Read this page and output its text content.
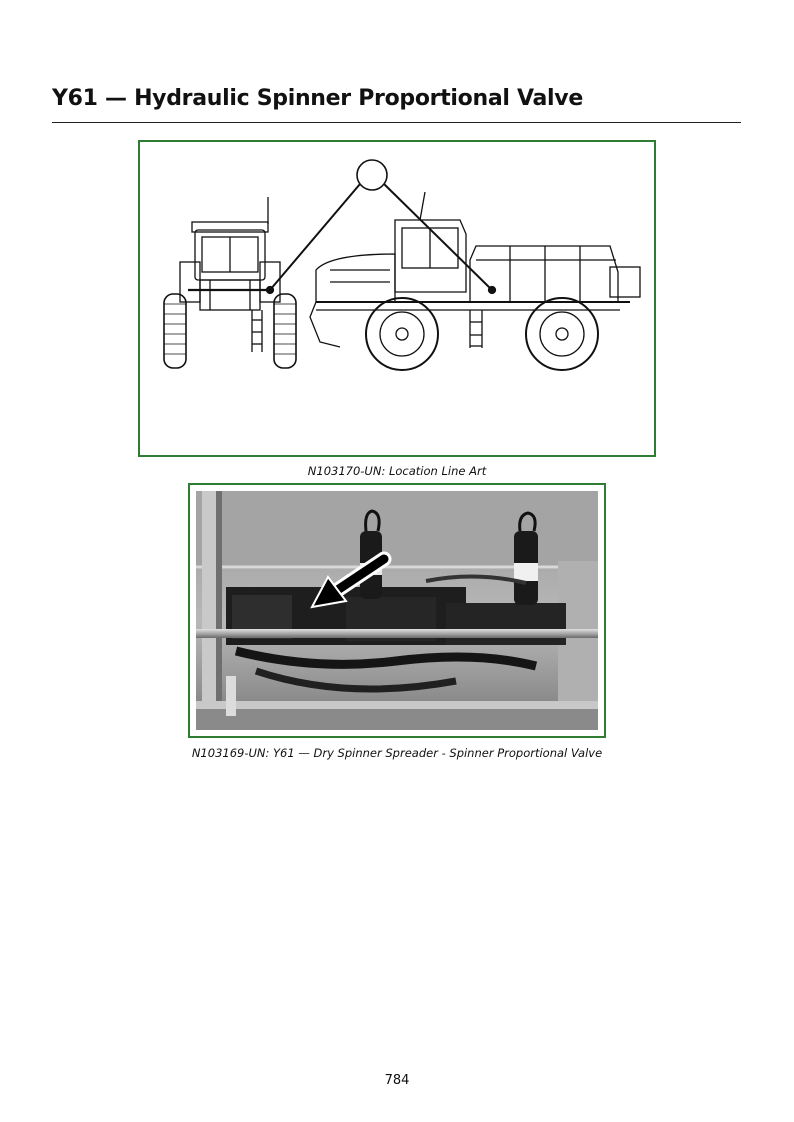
Y61 — Hydraulic Spinner Proportional Valve
N103170-UN: Location Line Art
N103169-UN: Y61 — Dry Spinner Spreader - Spinner Proportional Valve
784
